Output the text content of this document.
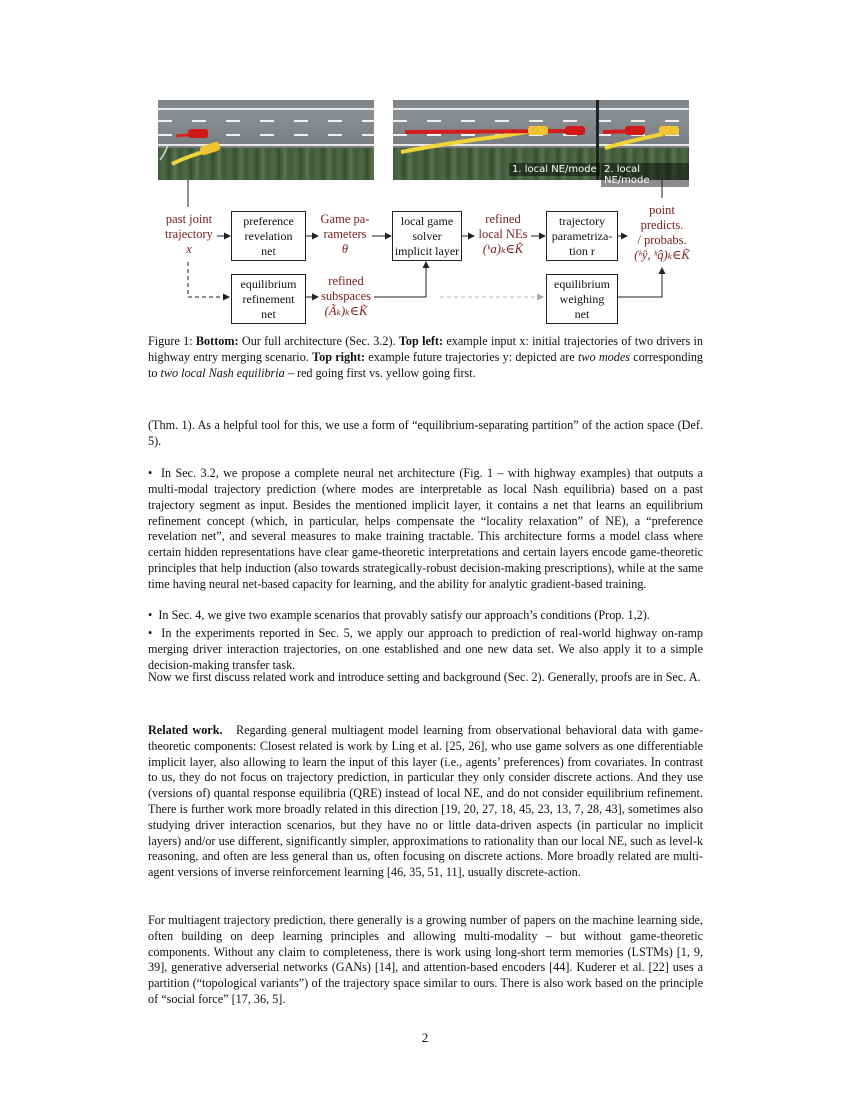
1. local NE/mode 2. local NE/mode
preference
revelation
net
local game
solver
implicit layer
trajectory
parametriza-
tion r
equilibrium
refinement
net
equilibrium
weighing
net
past joint
trajectory
x
Game pa-
rameters
θ
refined
local NEs
(ᵏa)ₖ∈K̃
point
predicts.
/ probabs.
(ᵏŷ, ᵏq̂)ₖ∈K̃
refined
subspaces
(Ãₖ)ₖ∈K̃

Figure 1: Bottom: Our full architecture (Sec. 3.2). Top left: example input x: initial trajectories of two drivers in highway entry merging scenario. Top right: example future trajectories y: depicted are two modes corresponding to two local Nash equilibria – red going first vs. yellow going first.

(Thm. 1). As a helpful tool for this, we use a form of “equilibrium-separating partition” of the action space (Def. 5).

•  In Sec. 3.2, we propose a complete neural net architecture (Fig. 1 – with highway examples) that outputs a multi-modal trajectory prediction (where modes are interpretable as local Nash equilibria) based on a past trajectory segment as input. Besides the mentioned implicit layer, it contains a net that learns an equilibrium refinement concept (which, in particular, helps compensate the “locality relaxation” of NE), a “preference revelation net”, and several measures to make training tractable. This architecture forms a model class where certain hidden representations have clear game-theoretic interpretations and certain layers encode game-theoretic principles that help induction (also towards strategically-robust decision-making prescriptions), while at the same time having neural net-based capacity for learning, and the ability for analytic gradient-based training.

•  In Sec. 4, we give two example scenarios that provably satisfy our approach’s conditions (Prop. 1,2).

•  In the experiments reported in Sec. 5, we apply our approach to prediction of real-world highway on-ramp merging driver interaction trajectories, on one established and one new data set. We also apply it to a simple decision-making transfer task.

Now we first discuss related work and introduce setting and background (Sec. 2). Generally, proofs are in Sec. A.

Related work. Regarding general multiagent model learning from observational behavioral data with game-theoretic components: Closest related is work by Ling et al. [25, 26], who use game solvers as one differentiable implicit layer, also allowing to learn the input of this layer (i.e., agents’ preferences) from covariates. In contrast to us, they do not focus on trajectory prediction, in particular they only consider discrete actions. And they use (versions of) quantal response equilibria (QRE) instead of local NE, and do not consider equilibrium refinement. There is further work more broadly related in this direction [19, 20, 27, 18, 45, 23, 13, 7, 28, 43], sometimes also studying driver interaction scenarios, but they have no or little data-driven aspects (in particular no implicit layers) and/or use different, significantly simpler, approximations to rationality than our local NE, such as level-k reasoning, and often are less general than us, often focusing on discrete actions. More broadly related are multi-agent versions of inverse reinforcement learning [46, 35, 51, 11], usually discrete-action.

For multiagent trajectory prediction, there generally is a growing number of papers on the machine learning side, often building on deep learning principles and allowing multi-modality – but without game-theoretic components. Without any claim to completeness, there is work using long-short term memories (LSTMs) [1, 9, 39], generative adverserial networks (GANs) [14], and attention-based encoders [44]. Kuderer et al. [22] uses a partition (“topological variants”) of the trajectory space similar to ours. There is also work based on the principle of “social force” [17, 36, 5].

2
